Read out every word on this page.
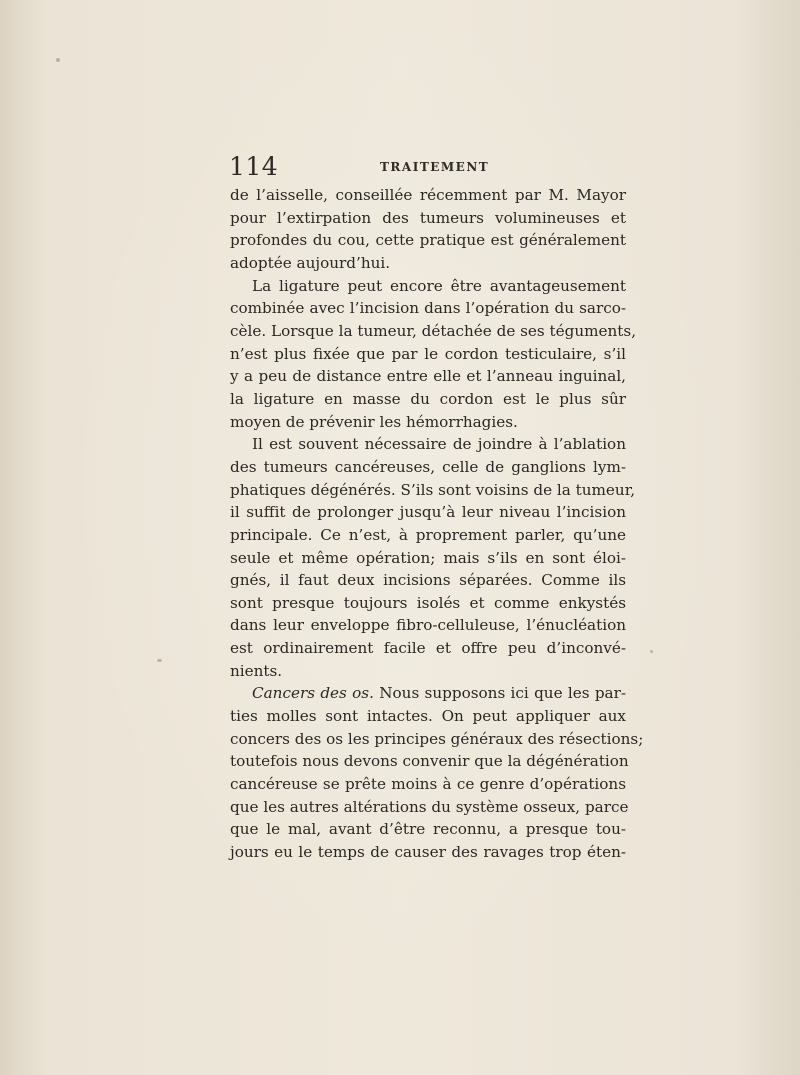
114	TRAITEMENT
de l’aisselle, conseillée récemment par M. Mayor
pour l’extirpation des tumeurs volumineuses et
profondes du cou, cette pratique est généralement
adoptée aujourd’hui.
La ligature peut encore être avantageusement
combinée avec l’incision dans l’opération du sarco-
cèle. Lorsque la tumeur, détachée de ses téguments,
n’est plus fixée que par le cordon testiculaire, s’il
y a peu de distance entre elle et l’anneau inguinal,
la ligature en masse du cordon est le plus sûr
moyen de prévenir les hémorrhagies.
Il est souvent nécessaire de joindre à l’ablation
des tumeurs cancéreuses, celle de ganglions lym-
phatiques dégénérés. S’ils sont voisins de la tumeur,
il suffit de prolonger jusqu’à leur niveau l’incision
principale. Ce n’est, à proprement parler, qu’une
seule et même opération; mais s’ils en sont éloi-
gnés, il faut deux incisions séparées. Comme ils
sont presque toujours isolés et comme enkystés
dans leur enveloppe fibro-celluleuse, l’énucléation
est ordinairement facile et offre peu d’inconvé-
nients.
Cancers des os. Nous supposons ici que les par-
ties molles sont intactes. On peut appliquer aux
concers des os les principes généraux des résections;
toutefois nous devons convenir que la dégénération
cancéreuse se prête moins à ce genre d’opérations
que les autres altérations du système osseux, parce
que le mal, avant d’être reconnu, a presque tou-
jours eu le temps de causer des ravages trop éten-
